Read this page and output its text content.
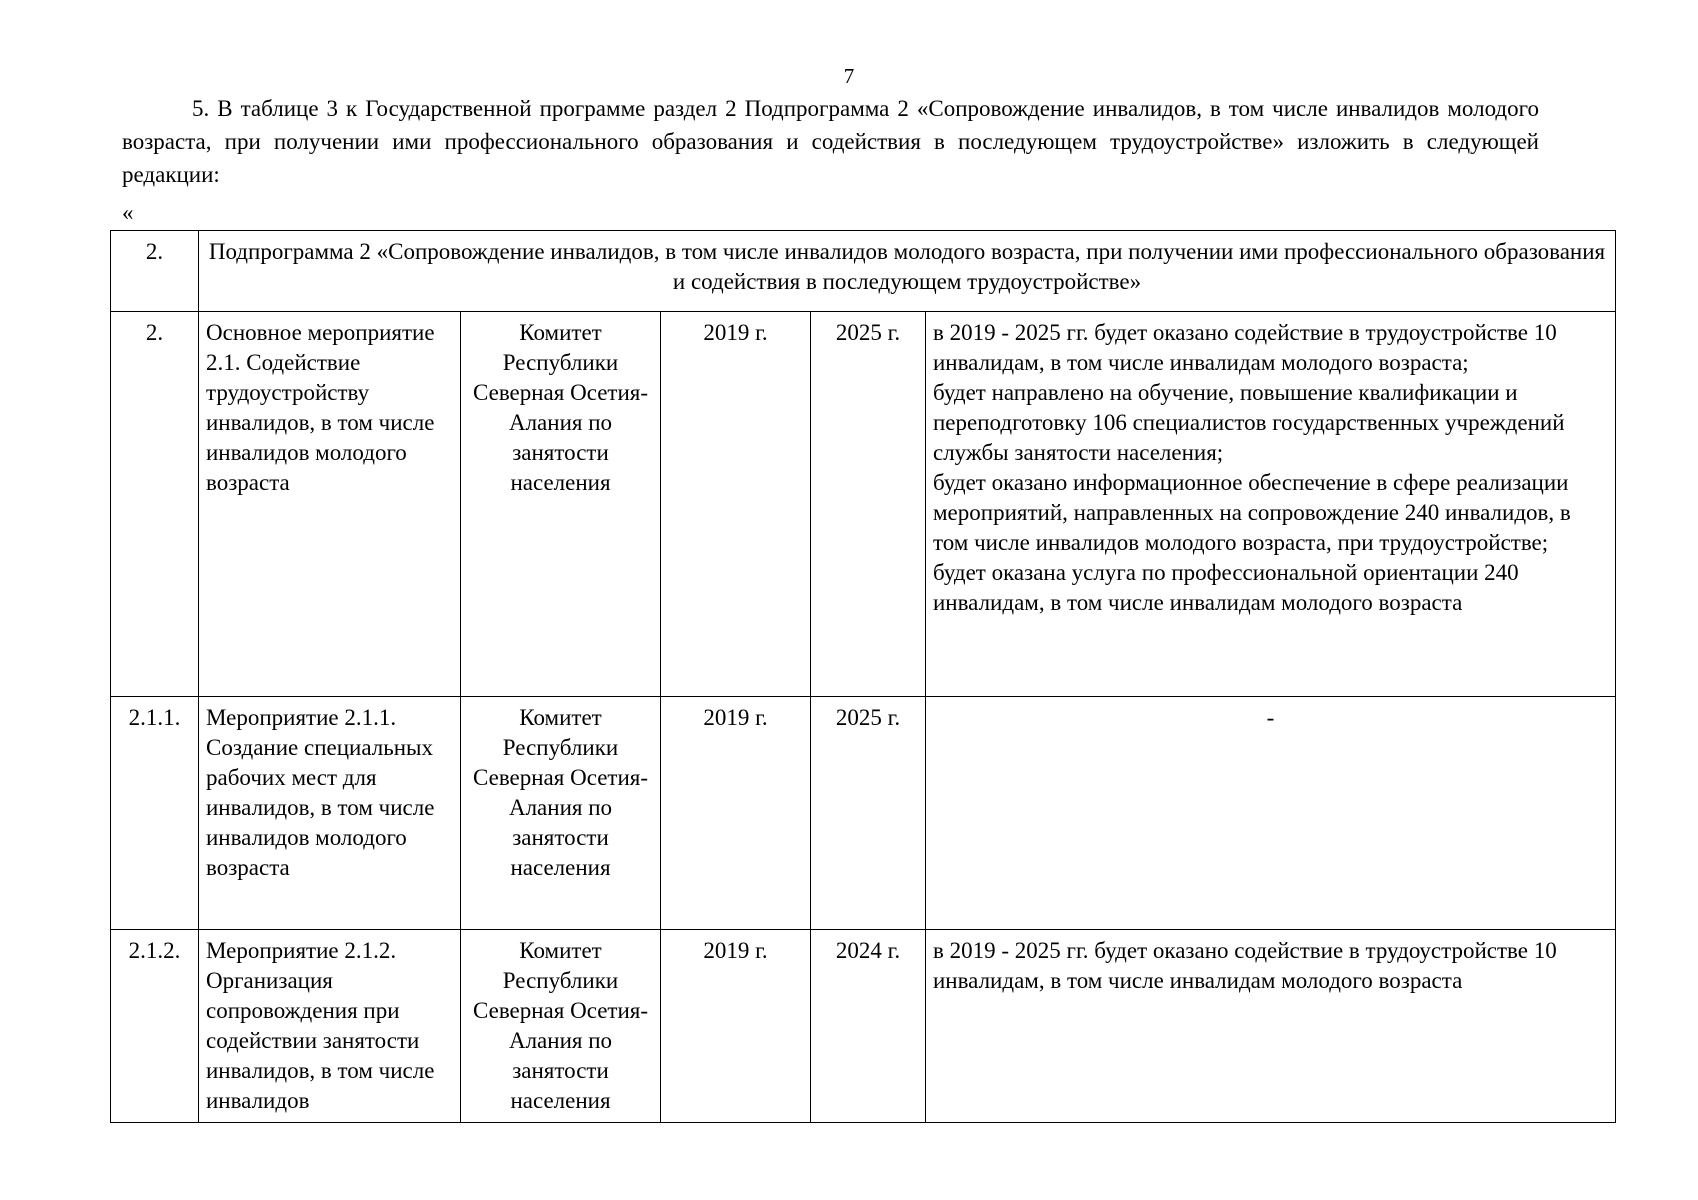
7

5. В таблице 3 к Государственной программе раздел 2 Подпрограмма 2 «Сопровождение инвалидов, в том числе инвалидов молодого возраста, при получении ими профессионального образования и содействия в последующем трудоустройстве» изложить в следующей редакции:

«
2.	Подпрограмма 2 «Сопровождение инвалидов, в том числе инвалидов молодого возраста, при получении ими профессионального образования и содействия в последующем трудоустройстве»				
2.	Основное мероприятие 2.1. Содействие трудоустройству инвалидов, в том числе инвалидов молодого возраста	Комитет Республики Северная Осетия-Алания по занятости населения	2019 г.	2025 г.	в 2019 - 2025 гг. будет оказано содействие в трудоустройстве 10 инвалидам, в том числе инвалидам молодого возраста;
будет направлено на обучение, повышение квалификации и переподготовку 106 специалистов государственных учреждений службы занятости населения;
будет оказано информационное обеспечение в сфере реализации мероприятий, направленных на сопровождение 240 инвалидов, в том числе инвалидов молодого возраста, при трудоустройстве;
будет оказана услуга по профессиональной ориентации 240 инвалидам, в том числе инвалидам молодого возраста

2.1.1.	Мероприятие 2.1.1. Создание специальных рабочих мест для инвалидов, в том числе инвалидов молодого возраста	Комитет Республики Северная Осетия-Алания по занятости населения	2019 г.	2025 г.	-
2.1.2.	Мероприятие 2.1.2. Организация сопровождения при содействии занятости инвалидов, в том числе инвалидов	Комитет Республики Северная Осетия-Алания по занятости населения	2019 г.	2024 г.	в 2019 - 2025 гг. будет оказано содействие в трудоустройстве 10 инвалидам, в том числе инвалидам молодого возраста
